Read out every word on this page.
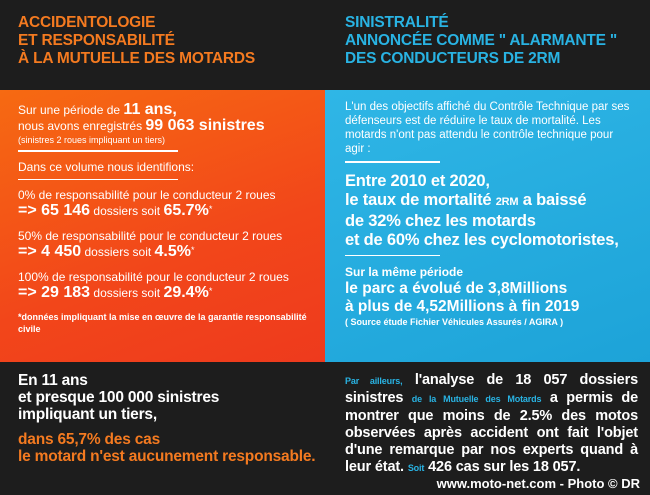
ACCIDENTOLOGIE
ET RESPONSABILITÉ
À LA MUTUELLE DES MOTARDS
SINISTRALITÉ
ANNONCÉE COMME " ALARMANTE "
DES CONDUCTEURS DE 2RM
Sur une période de 11 ans,
nous avons enregistrés 99 063 sinistres
(sinistres 2 roues impliquant un tiers)
Dans ce volume nous identifions:
0% de responsabilité pour le conducteur 2 roues
=> 65 146 dossiers soit 65.7%*
50% de responsabilité pour le conducteur 2 roues
=> 4 450 dossiers soit 4.5%*
100% de responsabilité pour le conducteur 2 roues
=> 29 183 dossiers soit 29.4%*
*données impliquant la mise en œuvre de la garantie responsabilité civile
L'un des objectifs affiché du Contrôle Technique par ses défenseurs est de réduire le taux de mortalité. Les motards n'ont pas attendu le contrôle technique pour agir :
Entre 2010 et 2020,
le taux de mortalité 2RM a baissé
de 32% chez les motards
et de 60% chez les cyclomotoristes,
Sur la même période
le parc a évolué de 3,8Millions
à plus de 4,52Millions à fin 2019
( Source étude Fichier Véhicules Assurés / AGIRA )
En 11 ans
et presque 100 000 sinistres
impliquant un tiers,
dans 65,7% des cas
le motard n'est aucunement responsable.

Par ailleurs, l'analyse de 18 057 dossiers sinistres de la Mutuelle des Motards a permis de montrer que moins de 2.5% des motos observées après accident ont fait l'objet d'une remarque par nos experts quand à leur état. Soit 426 cas sur les 18 057.

www.moto-net.com - Photo © DR
